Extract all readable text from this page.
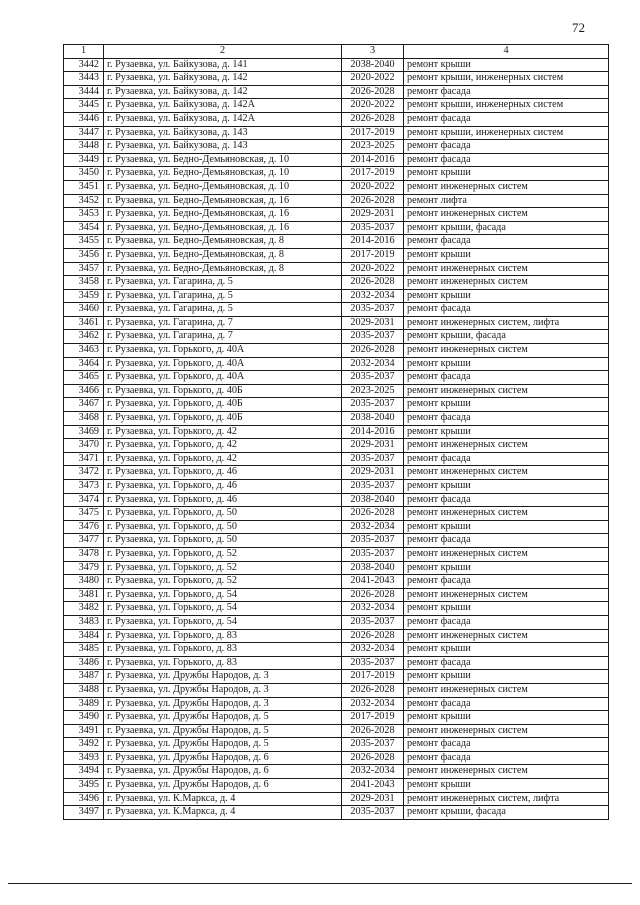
72
1	2	3	4
3442	г. Рузаевка, ул. Байкузова, д. 141	2038-2040	ремонт крыши
3443	г. Рузаевка, ул. Байкузова, д. 142	2020-2022	ремонт крыши, инженерных систем
3444	г. Рузаевка, ул. Байкузова, д. 142	2026-2028	ремонт фасада
3445	г. Рузаевка, ул. Байкузова, д. 142А	2020-2022	ремонт крыши, инженерных систем
3446	г. Рузаевка, ул. Байкузова, д. 142А	2026-2028	ремонт фасада
3447	г. Рузаевка, ул. Байкузова, д. 143	2017-2019	ремонт крыши, инженерных систем
3448	г. Рузаевка, ул. Байкузова, д. 143	2023-2025	ремонт фасада
3449	г. Рузаевка, ул. Бедно-Демьяновская, д. 10	2014-2016	ремонт фасада
3450	г. Рузаевка, ул. Бедно-Демьяновская, д. 10	2017-2019	ремонт крыши
3451	г. Рузаевка, ул. Бедно-Демьяновская, д. 10	2020-2022	ремонт инженерных систем
3452	г. Рузаевка, ул. Бедно-Демьяновская, д. 16	2026-2028	ремонт лифта
3453	г. Рузаевка, ул. Бедно-Демьяновская, д. 16	2029-2031	ремонт инженерных систем
3454	г. Рузаевка, ул. Бедно-Демьяновская, д. 16	2035-2037	ремонт крыши, фасада
3455	г. Рузаевка, ул. Бедно-Демьяновская, д. 8	2014-2016	ремонт фасада
3456	г. Рузаевка, ул. Бедно-Демьяновская, д. 8	2017-2019	ремонт крыши
3457	г. Рузаевка, ул. Бедно-Демьяновская, д. 8	2020-2022	ремонт инженерных систем
3458	г. Рузаевка, ул. Гагарина, д. 5	2026-2028	ремонт инженерных систем
3459	г. Рузаевка, ул. Гагарина, д. 5	2032-2034	ремонт крыши
3460	г. Рузаевка, ул. Гагарина, д. 5	2035-2037	ремонт фасада
3461	г. Рузаевка, ул. Гагарина, д. 7	2029-2031	ремонт инженерных систем, лифта
3462	г. Рузаевка, ул. Гагарина, д. 7	2035-2037	ремонт крыши, фасада
3463	г. Рузаевка, ул. Горького, д. 40А	2026-2028	ремонт инженерных систем
3464	г. Рузаевка, ул. Горького, д. 40А	2032-2034	ремонт крыши
3465	г. Рузаевка, ул. Горького, д. 40А	2035-2037	ремонт фасада
3466	г. Рузаевка, ул. Горького, д. 40Б	2023-2025	ремонт инженерных систем
3467	г. Рузаевка, ул. Горького, д. 40Б	2035-2037	ремонт крыши
3468	г. Рузаевка, ул. Горького, д. 40Б	2038-2040	ремонт фасада
3469	г. Рузаевка, ул. Горького, д. 42	2014-2016	ремонт крыши
3470	г. Рузаевка, ул. Горького, д. 42	2029-2031	ремонт инженерных систем
3471	г. Рузаевка, ул. Горького, д. 42	2035-2037	ремонт фасада
3472	г. Рузаевка, ул. Горького, д. 46	2029-2031	ремонт инженерных систем
3473	г. Рузаевка, ул. Горького, д. 46	2035-2037	ремонт крыши
3474	г. Рузаевка, ул. Горького, д. 46	2038-2040	ремонт фасада
3475	г. Рузаевка, ул. Горького, д. 50	2026-2028	ремонт инженерных систем
3476	г. Рузаевка, ул. Горького, д. 50	2032-2034	ремонт крыши
3477	г. Рузаевка, ул. Горького, д. 50	2035-2037	ремонт фасада
3478	г. Рузаевка, ул. Горького, д. 52	2035-2037	ремонт инженерных систем
3479	г. Рузаевка, ул. Горького, д. 52	2038-2040	ремонт крыши
3480	г. Рузаевка, ул. Горького, д. 52	2041-2043	ремонт фасада
3481	г. Рузаевка, ул. Горького, д. 54	2026-2028	ремонт инженерных систем
3482	г. Рузаевка, ул. Горького, д. 54	2032-2034	ремонт крыши
3483	г. Рузаевка, ул. Горького, д. 54	2035-2037	ремонт фасада
3484	г. Рузаевка, ул. Горького, д. 83	2026-2028	ремонт инженерных систем
3485	г. Рузаевка, ул. Горького, д. 83	2032-2034	ремонт крыши
3486	г. Рузаевка, ул. Горького, д. 83	2035-2037	ремонт фасада
3487	г. Рузаевка, ул. Дружбы Народов, д. 3	2017-2019	ремонт крыши
3488	г. Рузаевка, ул. Дружбы Народов, д. 3	2026-2028	ремонт инженерных систем
3489	г. Рузаевка, ул. Дружбы Народов, д. 3	2032-2034	ремонт фасада
3490	г. Рузаевка, ул. Дружбы Народов, д. 5	2017-2019	ремонт крыши
3491	г. Рузаевка, ул. Дружбы Народов, д. 5	2026-2028	ремонт инженерных систем
3492	г. Рузаевка, ул. Дружбы Народов, д. 5	2035-2037	ремонт фасада
3493	г. Рузаевка, ул. Дружбы Народов, д. 6	2026-2028	ремонт фасада
3494	г. Рузаевка, ул. Дружбы Народов, д. 6	2032-2034	ремонт инженерных систем
3495	г. Рузаевка, ул. Дружбы Народов, д. 6	2041-2043	ремонт крыши
3496	г. Рузаевка, ул. К.Маркса, д. 4	2029-2031	ремонт инженерных систем, лифта
3497	г. Рузаевка, ул. К.Маркса, д. 4	2035-2037	ремонт крыши, фасада
